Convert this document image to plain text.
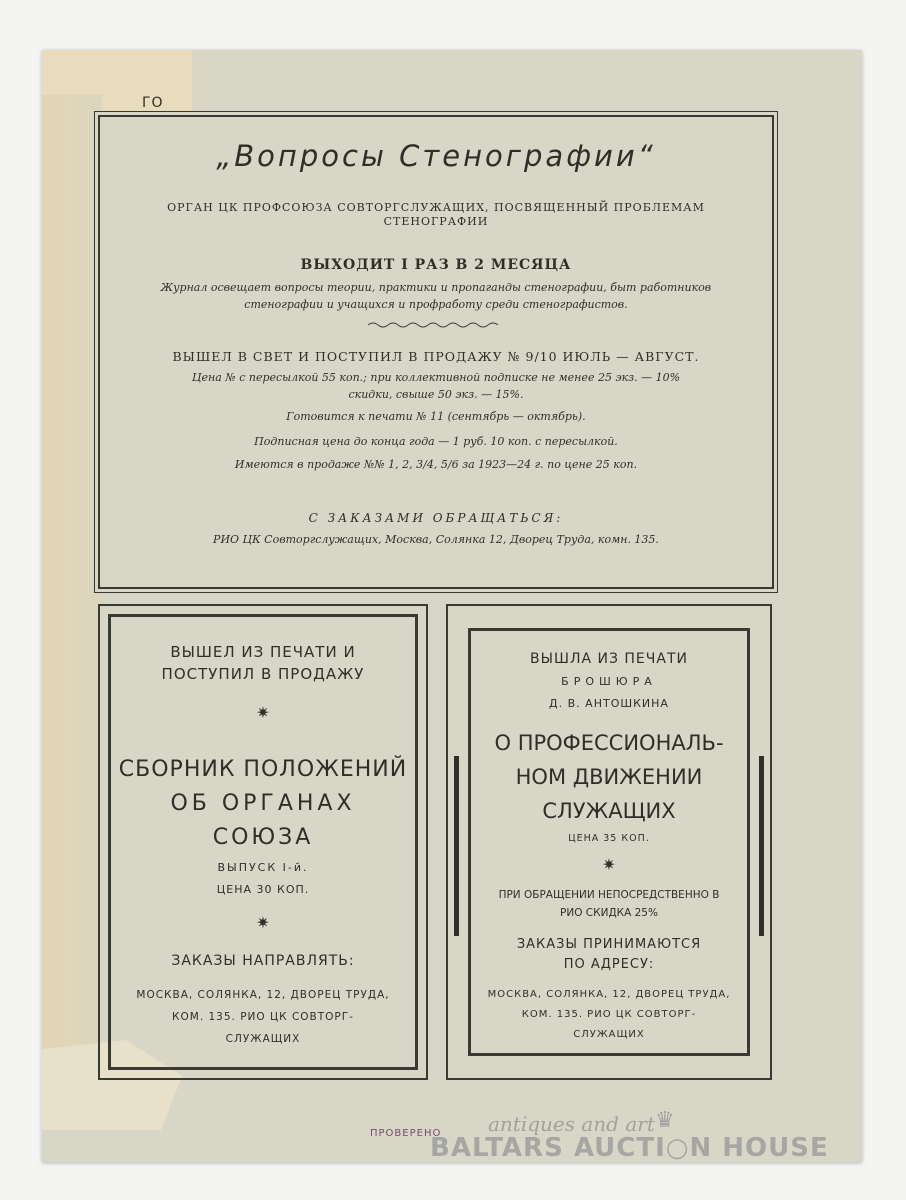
ГО
„Вопросы Стенографии“
ОРГАН ЦК ПРОФСОЮЗА СОВТОРГСЛУЖАЩИХ, ПОСВЯЩЕННЫЙ ПРОБЛЕМАМ СТЕНОГРАФИИ
ВЫХОДИТ I РАЗ В 2 МЕСЯЦА
Журнал освещает вопросы теории, практики и пропаганды стенографии, быт работников стенографии и учащихся и профработу среди стенографистов.
ВЫШЕЛ В СВЕТ И ПОСТУПИЛ В ПРОДАЖУ № 9/10 ИЮЛЬ — АВГУСТ.
Цена № с пересылкой 55 коп.; при коллективной подписке не менее 25 экз. — 10% скидки, свыше 50 экз. — 15%.
Готовится к печати № 11 (сентябрь — октябрь).
Подписная цена до конца года — 1 руб. 10 коп. с пересылкой.
Имеются в продаже №№ 1, 2, 3/4, 5/6 за 1923—24 г. по цене 25 коп.
С ЗАКАЗАМИ ОБРАЩАТЬСЯ:
РИО ЦК Совторгслужащих, Москва, Солянка 12, Дворец Труда, комн. 135.
ВЫШЕЛ ИЗ ПЕЧАТИ И
ПОСТУПИЛ В ПРОДАЖУ
✷
СБОРНИК ПОЛОЖЕНИЙ
ОБ ОРГАНАХ
СОЮЗА
ВЫПУСК I-й.
ЦЕНА 30 КОП.
✷
ЗАКАЗЫ НАПРАВЛЯТЬ:
МОСКВА, СОЛЯНКА, 12, ДВОРЕЦ ТРУДА,
КОМ. 135. РИО ЦК СОВТОРГ-
СЛУЖАЩИХ
ВЫШЛА ИЗ ПЕЧАТИ
БРОШЮРА
Д. В. АНТОШКИНА
О ПРОФЕССИОНАЛЬ-
НОМ ДВИЖЕНИИ
СЛУЖАЩИХ
ЦЕНА 35 КОП.
✷
ПРИ ОБРАЩЕНИИ НЕПОСРЕДСТВЕННО В
РИО СКИДКА 25%
ЗАКАЗЫ ПРИНИМАЮТСЯ
ПО АДРЕСУ:
МОСКВА, СОЛЯНКА, 12, ДВОРЕЦ ТРУДА,
КОМ. 135. РИО ЦК СОВТОРГ-
СЛУЖАЩИХ
ПРОВЕРЕНО	antiques and art ♛
BALTARS AUCTI○N HOUSE
